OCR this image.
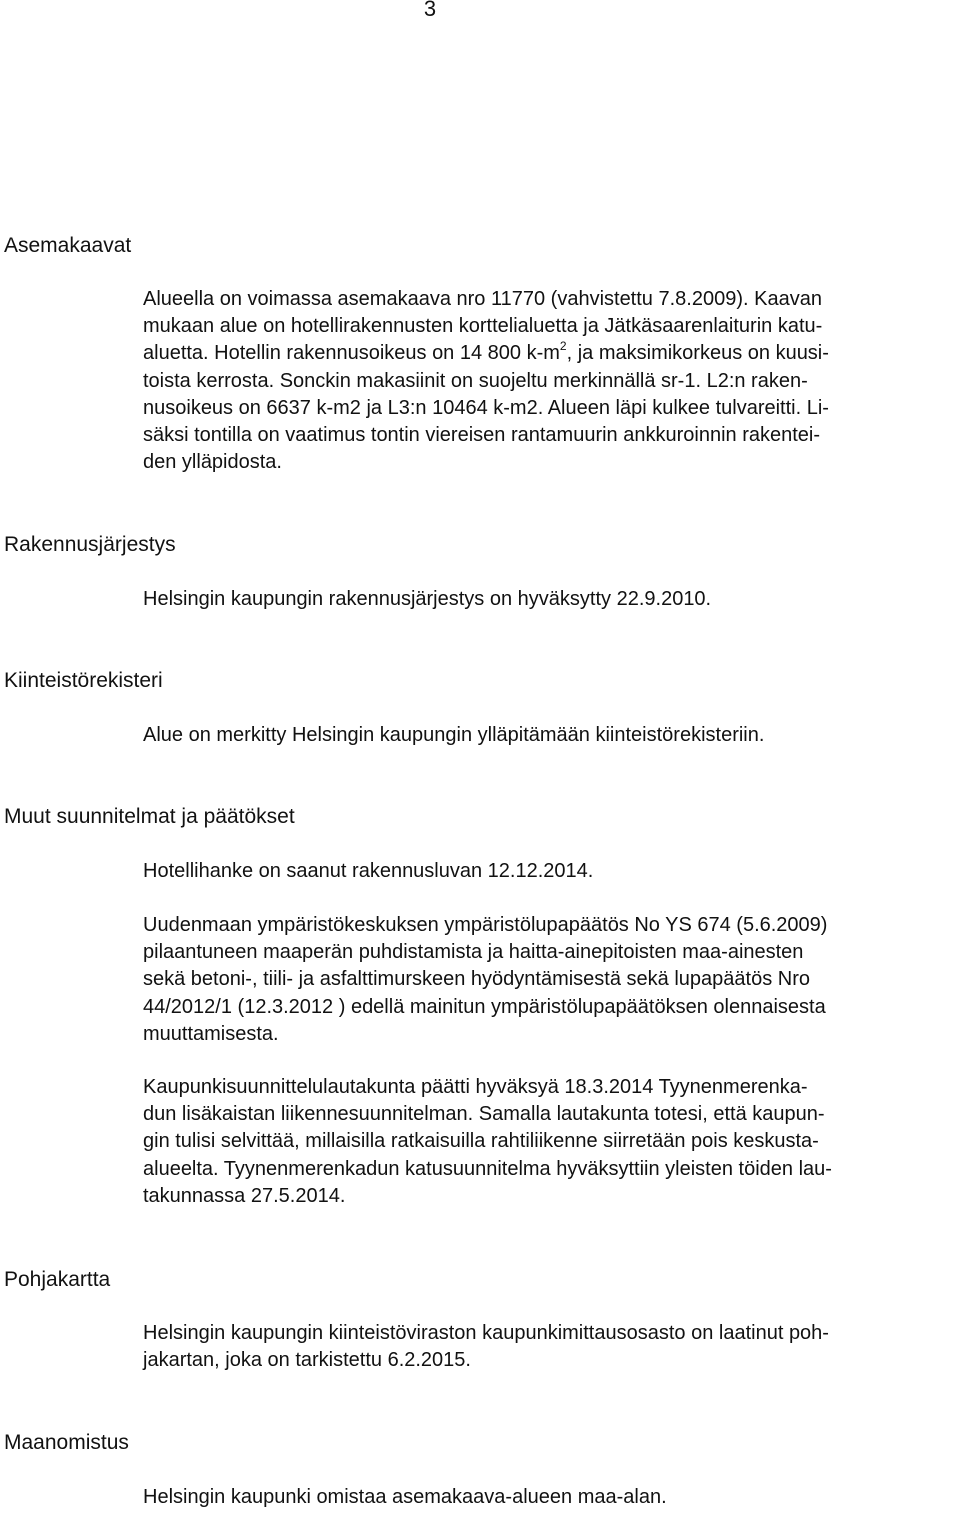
3
Asemakaavat
Alueella on voimassa asemakaava nro 11770 (vahvistettu 7.8.2009). Kaavan
mukaan alue on hotellirakennusten korttelialuetta ja Jätkäsaarenlaiturin katu-
aluetta. Hotellin rakennusoikeus on 14 800 $k-m^2$, ja maksimikorkeus on kuusi-
toista kerrosta. Sonckin makasiinit on suojeltu merkinnällä sr-1. L2:n raken-
nusoikeus on 6637 k-m2 ja L3:n 10464 k-m2. Alueen läpi kulkee tulvareitti. Li-
säksi tontilla on vaatimus tontin viereisen rantamuurin ankkuroinnin rakentei-
den ylläpidosta.
Rakennusjärjestys
Helsingin kaupungin rakennusjärjestys on hyväksytty 22.9.2010.
Kiinteistörekisteri
Alue on merkitty Helsingin kaupungin ylläpitämään kiinteistörekisteriin.
Muut suunnitelmat ja päätökset
Hotellihanke on saanut rakennusluvan 12.12.2014.
Uudenmaan ympäristökeskuksen ympäristölupapäätös No YS 674 (5.6.2009)
pilaantuneen maaperän puhdistamista ja haitta-ainepitoisten maa-ainesten
sekä betoni-, tiili- ja asfalttimurskeen hyödyntämisestä sekä lupapäätös Nro
44/2012/1 (12.3.2012 ) edellä mainitun ympäristölupapäätöksen olennaisesta
muuttamisesta.
Kaupunkisuunnittelulautakunta päätti hyväksyä 18.3.2014 Tyynenmerenka-
dun lisäkaistan liikennesuunnitelman. Samalla lautakunta totesi, että kaupun-
gin tulisi selvittää, millaisilla ratkaisuilla rahtiliikenne siirretään pois keskusta-
alueelta. Tyynenmerenkadun katusuunnitelma hyväksyttiin yleisten töiden lau-
takunnassa 27.5.2014.
Pohjakartta
Helsingin kaupungin kiinteistöviraston kaupunkimittausosasto on laatinut poh-
jakartan, joka on tarkistettu 6.2.2015.
Maanomistus
Helsingin kaupunki omistaa asemakaava-alueen maa-alan.
